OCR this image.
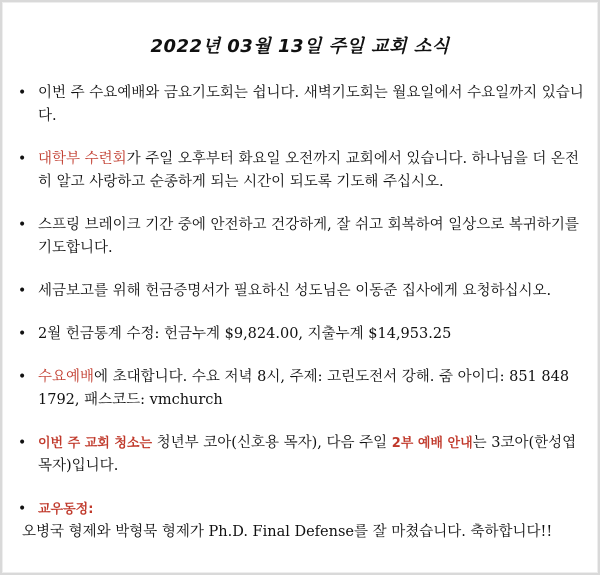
2022년 03월 13일 주일 교회 소식
• 이번 주 수요예배와 금요기도회는 쉽니다. 새벽기도회는 월요일에서 수요일까지 있습니다.
• 대학부 수련회가 주일 오후부터 화요일 오전까지 교회에서 있습니다. 하나님을 더 온전히 알고 사랑하고 순종하게 되는 시간이 되도록 기도해 주십시오.
• 스프링 브레이크 기간 중에 안전하고 건강하게, 잘 쉬고 회복하여 일상으로 복귀하기를 기도합니다.
• 세금보고를 위해 헌금증명서가 필요하신 성도님은 이동준 집사에게 요청하십시오.
• 2월 헌금통계 수정: 헌금누계 $9,824.00, 지출누계 $14,953.25
• 수요예배에 초대합니다. 수요 저녁 8시, 주제: 고린도전서 강해. 줌 아이디: 851 848 1792, 패스코드: vmchurch
• 이번 주 교회 청소는 청년부 코아(신호용 목자), 다음 주일 2부 예배 안내는 3코아(한성엽 목자)입니다.
• 교우동정:
오병국 형제와 박형묵 형제가 Ph.D. Final Defense를 잘 마쳤습니다. 축하합니다!!
